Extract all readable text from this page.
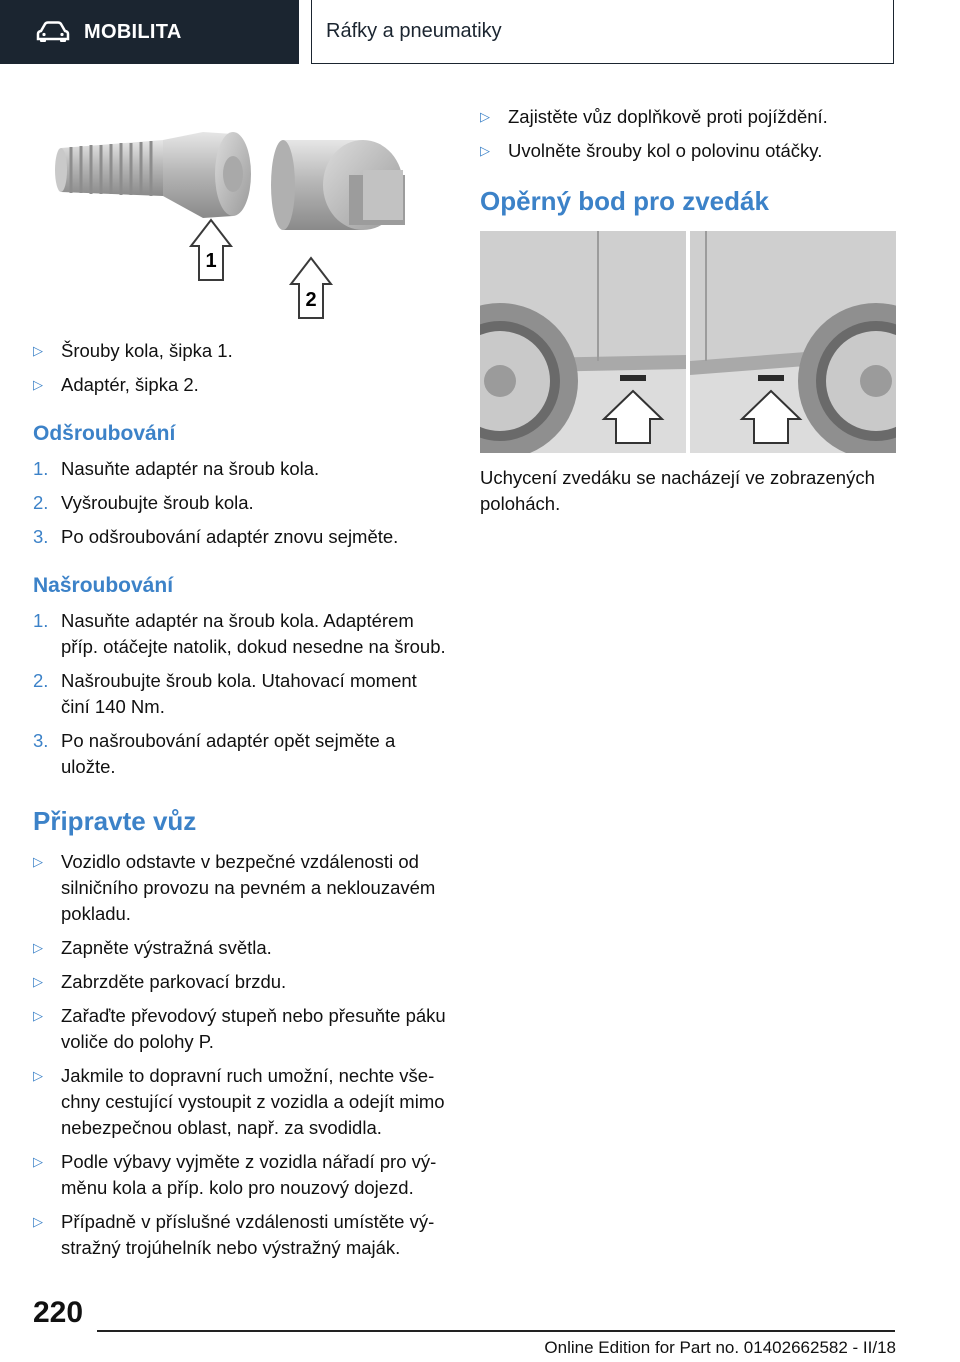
MOBILITA	Ráfky a pneumatiky
1
2
▷ Šrouby kola, šipka 1.
▷ Adaptér, šipka 2.
Odšroubování
1. Nasuňte adaptér na šroub kola.
2. Vyšroubujte šroub kola.
3. Po odšroubování adaptér znovu sejměte.
Našroubování
1. Nasuňte adaptér na šroub kola. Adaptérem příp. otáčejte natolik, dokud nesedne na šroub.
2. Našroubujte šroub kola. Utahovací moment činí 140 Nm.
3. Po našroubování adaptér opět sejměte a uložte.
Připravte vůz
▷ Vozidlo odstavte v bezpečné vzdálenosti od silničního provozu na pevném a neklouzavém pokladu.
▷ Zapněte výstražná světla.
▷ Zabrzděte parkovací brzdu.
▷ Zařaďte převodový stupeň nebo přesuňte páku voliče do polohy P.
▷ Jakmile to dopravní ruch umožní, nechte vše-chny cestující vystoupit z vozidla a odejít mimo nebezpečnou oblast, např. za svodidla.
▷ Podle výbavy vyjměte z vozidla nářadí pro vý-měnu kola a příp. kolo pro nouzový dojezd.
▷ Případně v příslušné vzdálenosti umístěte vý-stražný trojúhelník nebo výstražný maják.
▷ Zajistěte vůz doplňkově proti pojíždění.
▷ Uvolněte šrouby kol o polovinu otáčky.
Opěrný bod pro zvedák
Uchycení zvedáku se nacházejí ve zobrazených polohách.
220
Online Edition for Part no. 01402662582 - II/18
